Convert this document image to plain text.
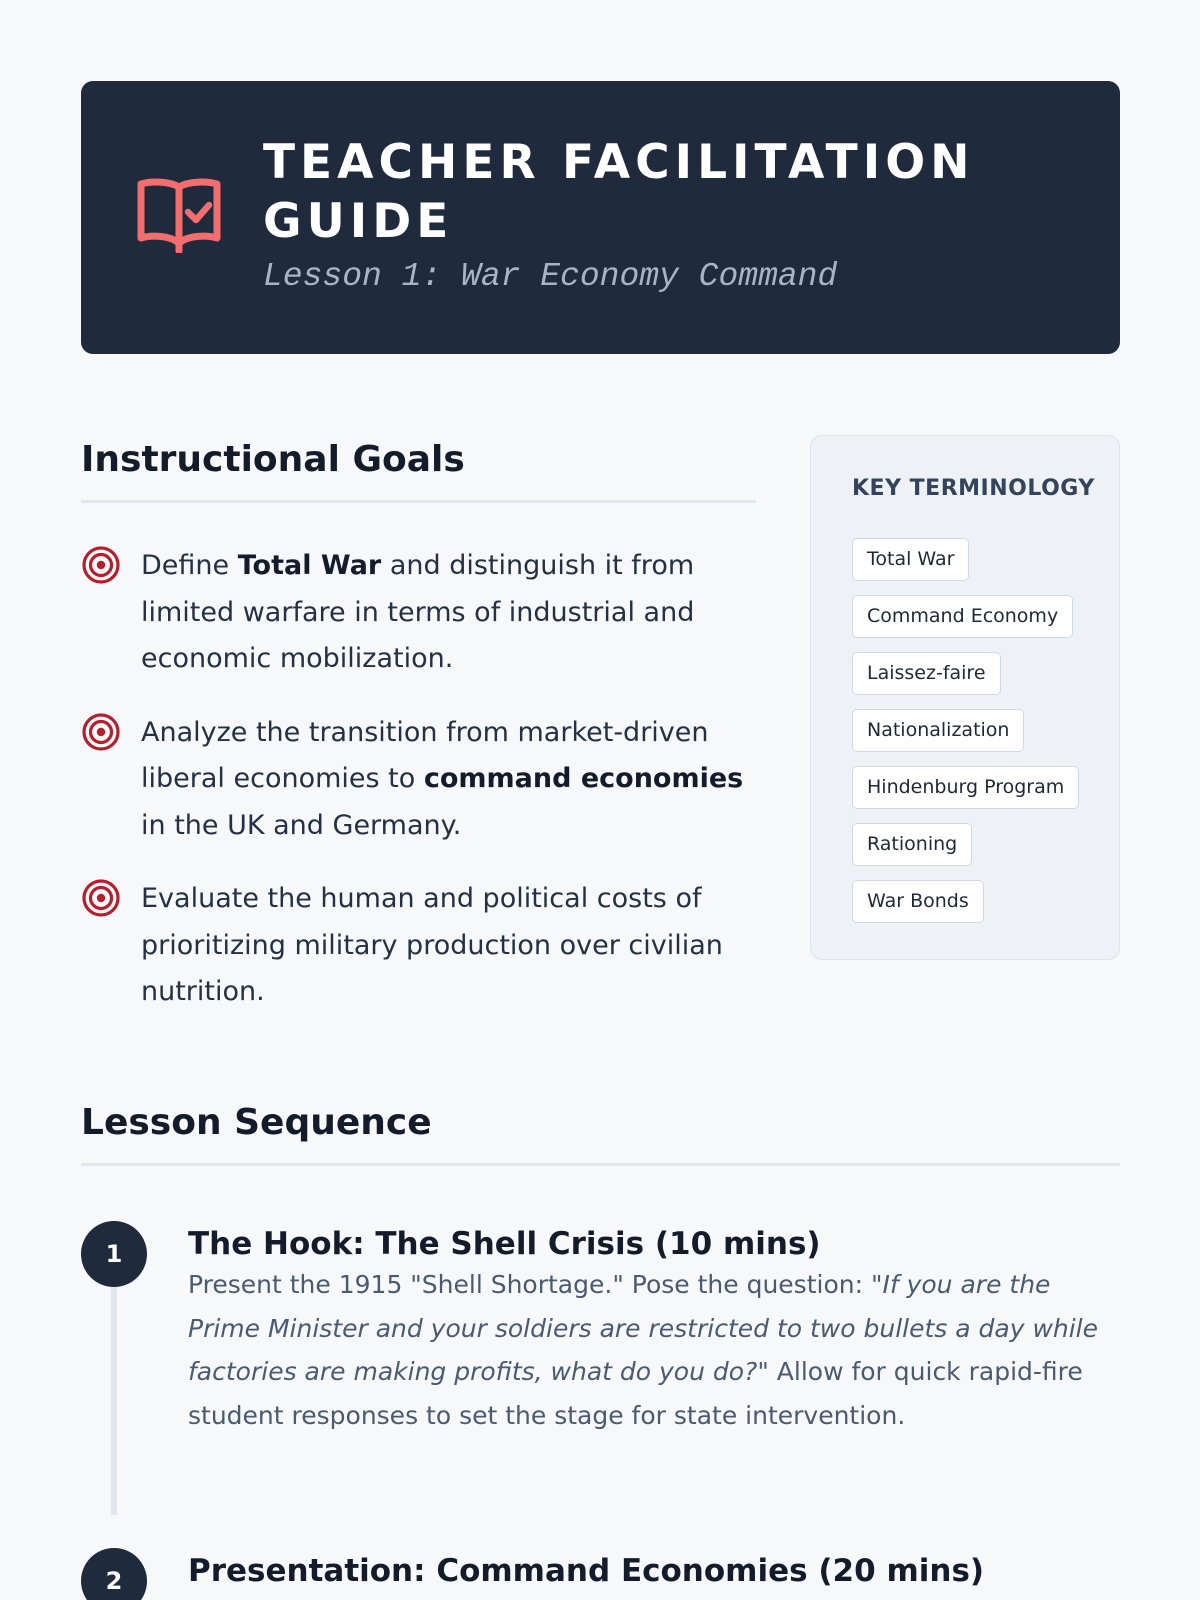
TEACHER FACILITATION GUIDE

Lesson 1: War Economy Command

Instructional Goals
Define Total War and distinguish it from limited warfare in terms of industrial and economic mobilization.
Analyze the transition from market-driven liberal economies to command economies in the UK and Germany.
Evaluate the human and political costs of prioritizing military production over civilian nutrition.
KEY TERMINOLOGY
Total War
Command Economy
Laissez-faire
Nationalization
Hindenburg Program
Rationing
War Bonds
Lesson Sequence
1	The Hook: The Shell Crisis (10 mins)

Present the 1915 "Shell Shortage." Pose the question: "If you are the Prime Minister and your soldiers are restricted to two bullets a day while factories are making profits, what do you do?" Allow for quick rapid-fire student responses to set the stage for state intervention.

2	Presentation: Command Economies (20 mins)
